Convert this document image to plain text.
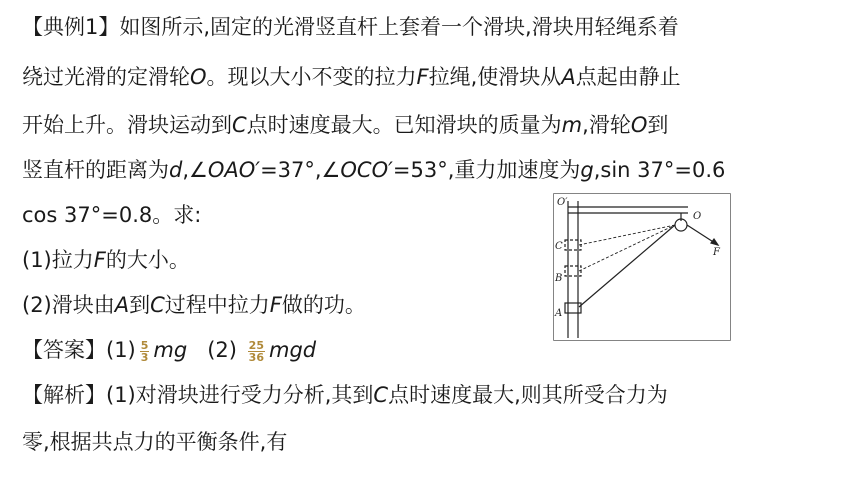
【典例1】如图所示,固定的光滑竖直杆上套着一个滑块,滑块用轻绳系着
绕过光滑的定滑轮O。现以大小不变的拉力F拉绳,使滑块从A点起由静止
开始上升。滑块运动到C点时速度最大。已知滑块的质量为m,滑轮O到
竖直杆的距离为d,∠OAO′=37°,∠OCO′=53°,重力加速度为g,sin 37°=0.6
cos 37°=0.8。求:
(1)拉力F的大小。
(2)滑块由A到C过程中拉力F做的功。
【答案】$(1) \frac{5}{3}$ mg $(2) \frac{25}{36}$ mgd
【解析】(1)对滑块进行受力分析,其到C点时速度最大,则其所受合力为
零,根据共点力的平衡条件,有
O′
O
C
B
A
F
